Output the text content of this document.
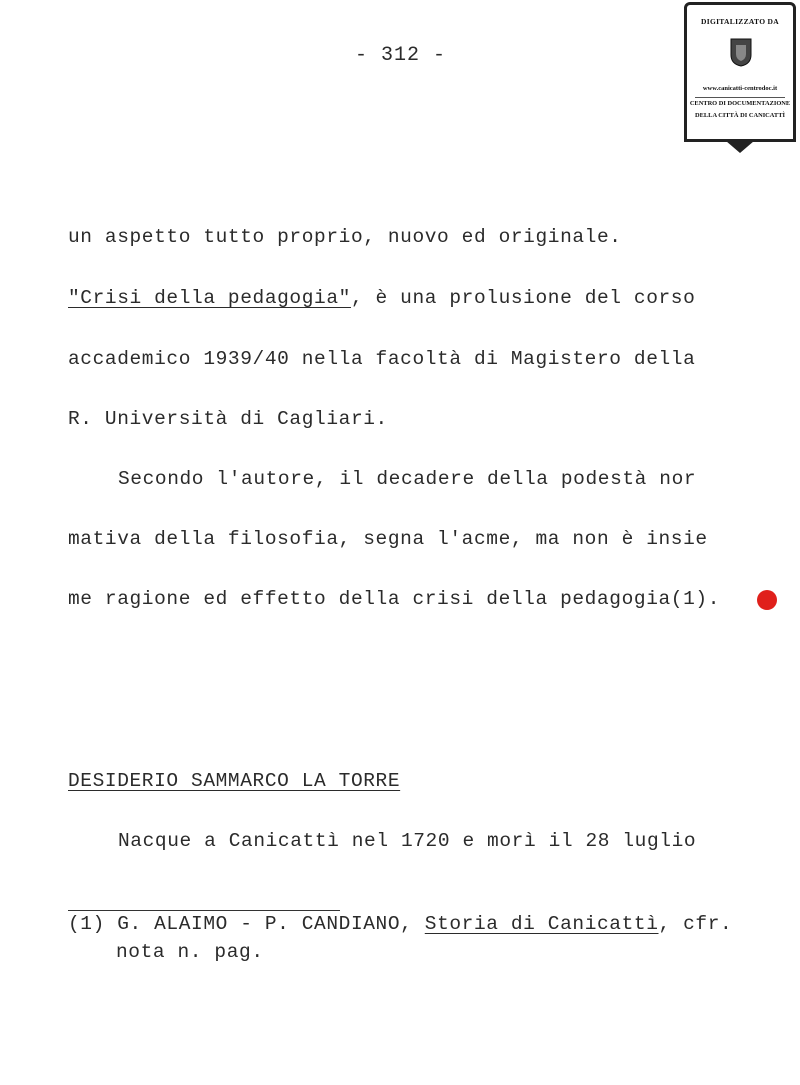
- 312 -
DIGITALIZZATO DA
www.canicatti-centrodoc.it
CENTRO DI DOCUMENTAZIONE
DELLA CITTÀ DI CANICATTÌ
un aspetto tutto proprio, nuovo ed originale.
"Crisi della pedagogia", è una prolusione del corso
accademico 1939/40 nella facoltà di Magistero della
R. Università di Cagliari.
Secondo l'autore, il decadere della podestà nor
mativa della filosofia, segna l'acme, ma non è insie
me ragione ed effetto della crisi della pedagogia(1).
DESIDERIO SAMMARCO LA TORRE
Nacque a Canicattì nel 1720 e morì il 28 luglio
(1) G. ALAIMO - P. CANDIANO, Storia di Canicattì, cfr.
nota n. pag.
